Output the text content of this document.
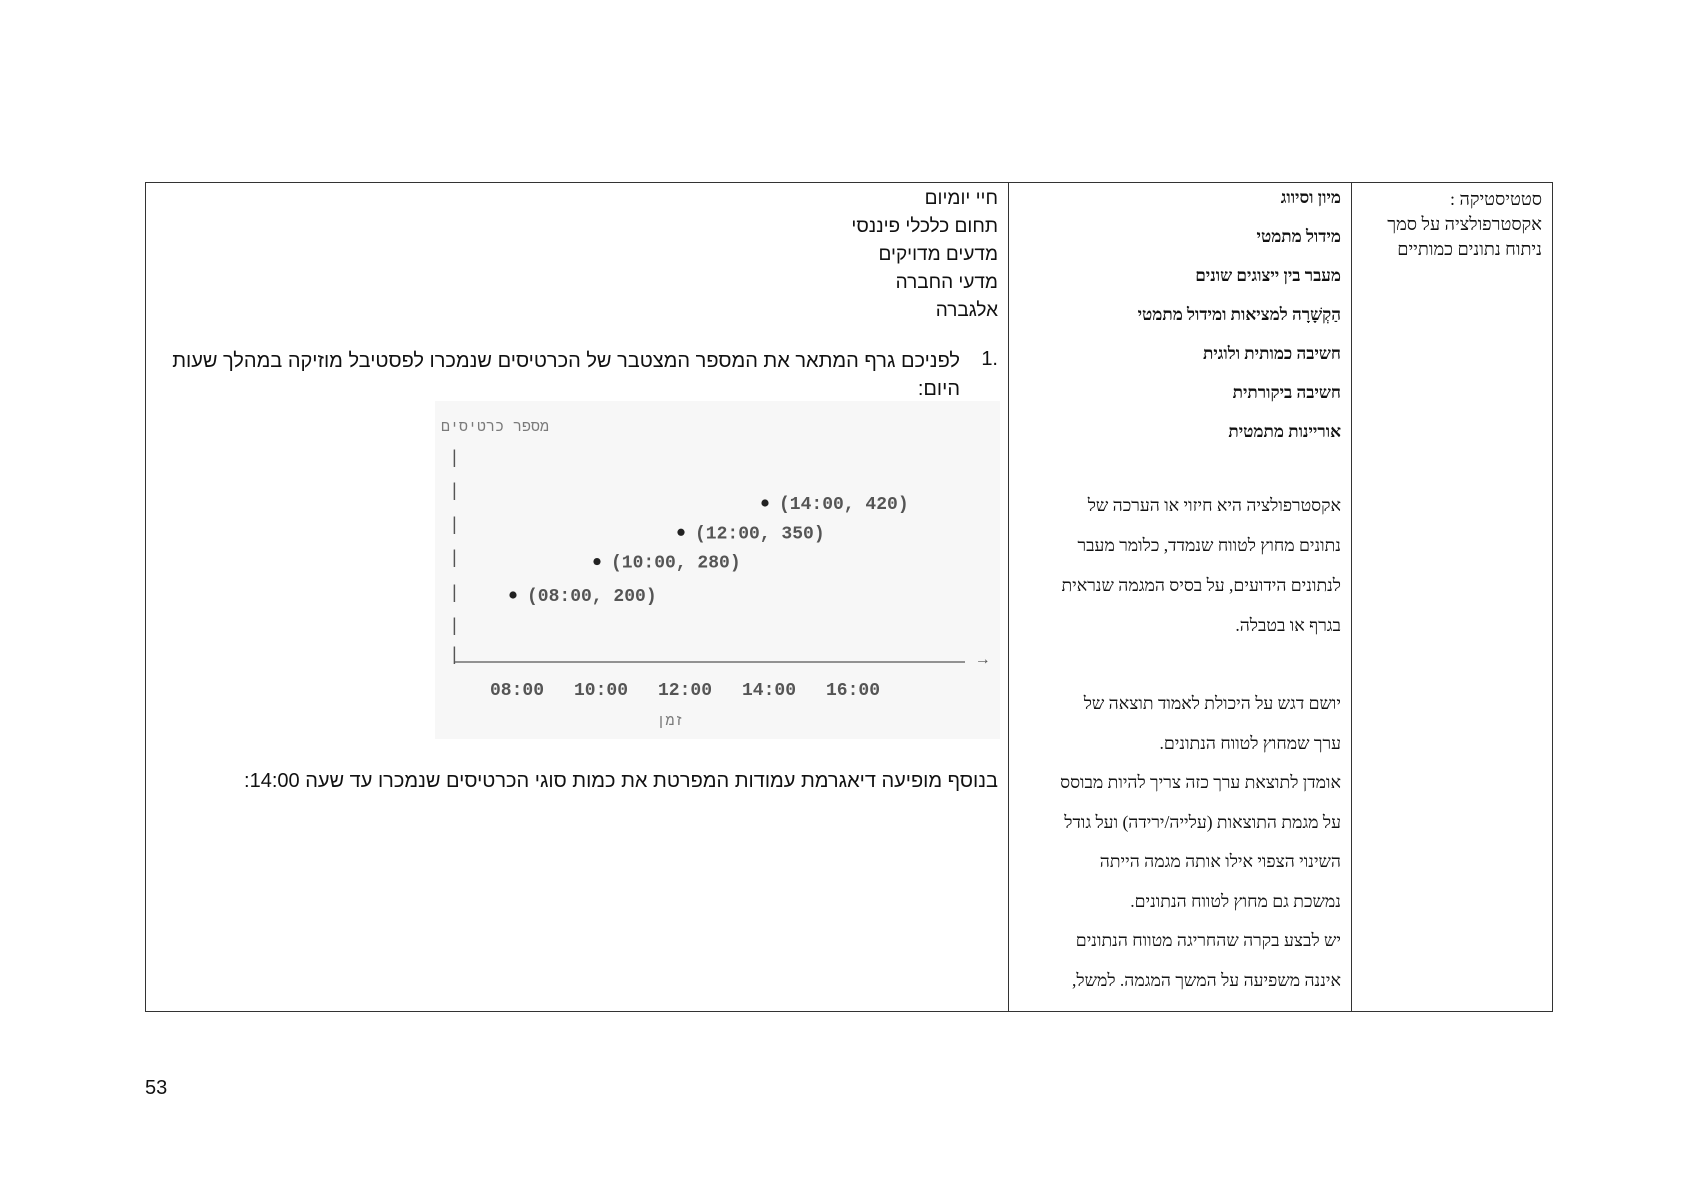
סטטיסטיקה :
אקסטרפולציה על סמך
ניתוח נתונים כמותיים
מיון וסיווג
מידול מתמטי
מעבר בין ייצוגים שונים
הַקְשָׁרָה למציאות ומידול מתמטי
חשיבה כמותית ולוגית
חשיבה ביקורתית
אוריינות מתמטית
אקסטרפולציה היא חיזוי או הערכה של
נתונים מחוץ לטווח שנמדד, כלומר מעבר
לנתונים הידועים, על בסיס המגמה שנראית
בגרף או בטבלה.
יושם דגש על היכולת לאמוד תוצאה של
ערך שמחוץ לטווח הנתונים.
אומדן לתוצאת ערך כזה צריך להיות מבוסס
על מגמת התוצאות (עלייה/ירידה) ועל גודל
השינוי הצפוי אילו אותה מגמה הייתה
נמשכת גם מחוץ לטווח הנתונים.
יש לבצע בקרה שהחריגה מטווח הנתונים
איננה משפיעה על המשך המגמה. למשל,
חיי יומיום
תחום כלכלי פיננסי
מדעים מדויקים
מדעי החברה
אלגברה
1.
לפניכם גרף המתאר את המספר המצטבר של הכרטיסים שנמכרו לפסטיבל מוזיקה במהלך שעות היום:
מספר כרטיסים
|
|
|
|
|
|
|	→
08:00 10:00 12:00 14:00 16:00
זמן
(08:00, 200)
(10:00, 280)
(12:00, 350)
(14:00, 420)
בנוסף מופיעה דיאגרמת עמודות המפרטת את כמות סוגי הכרטיסים שנמכרו עד שעה 14:00:
53
